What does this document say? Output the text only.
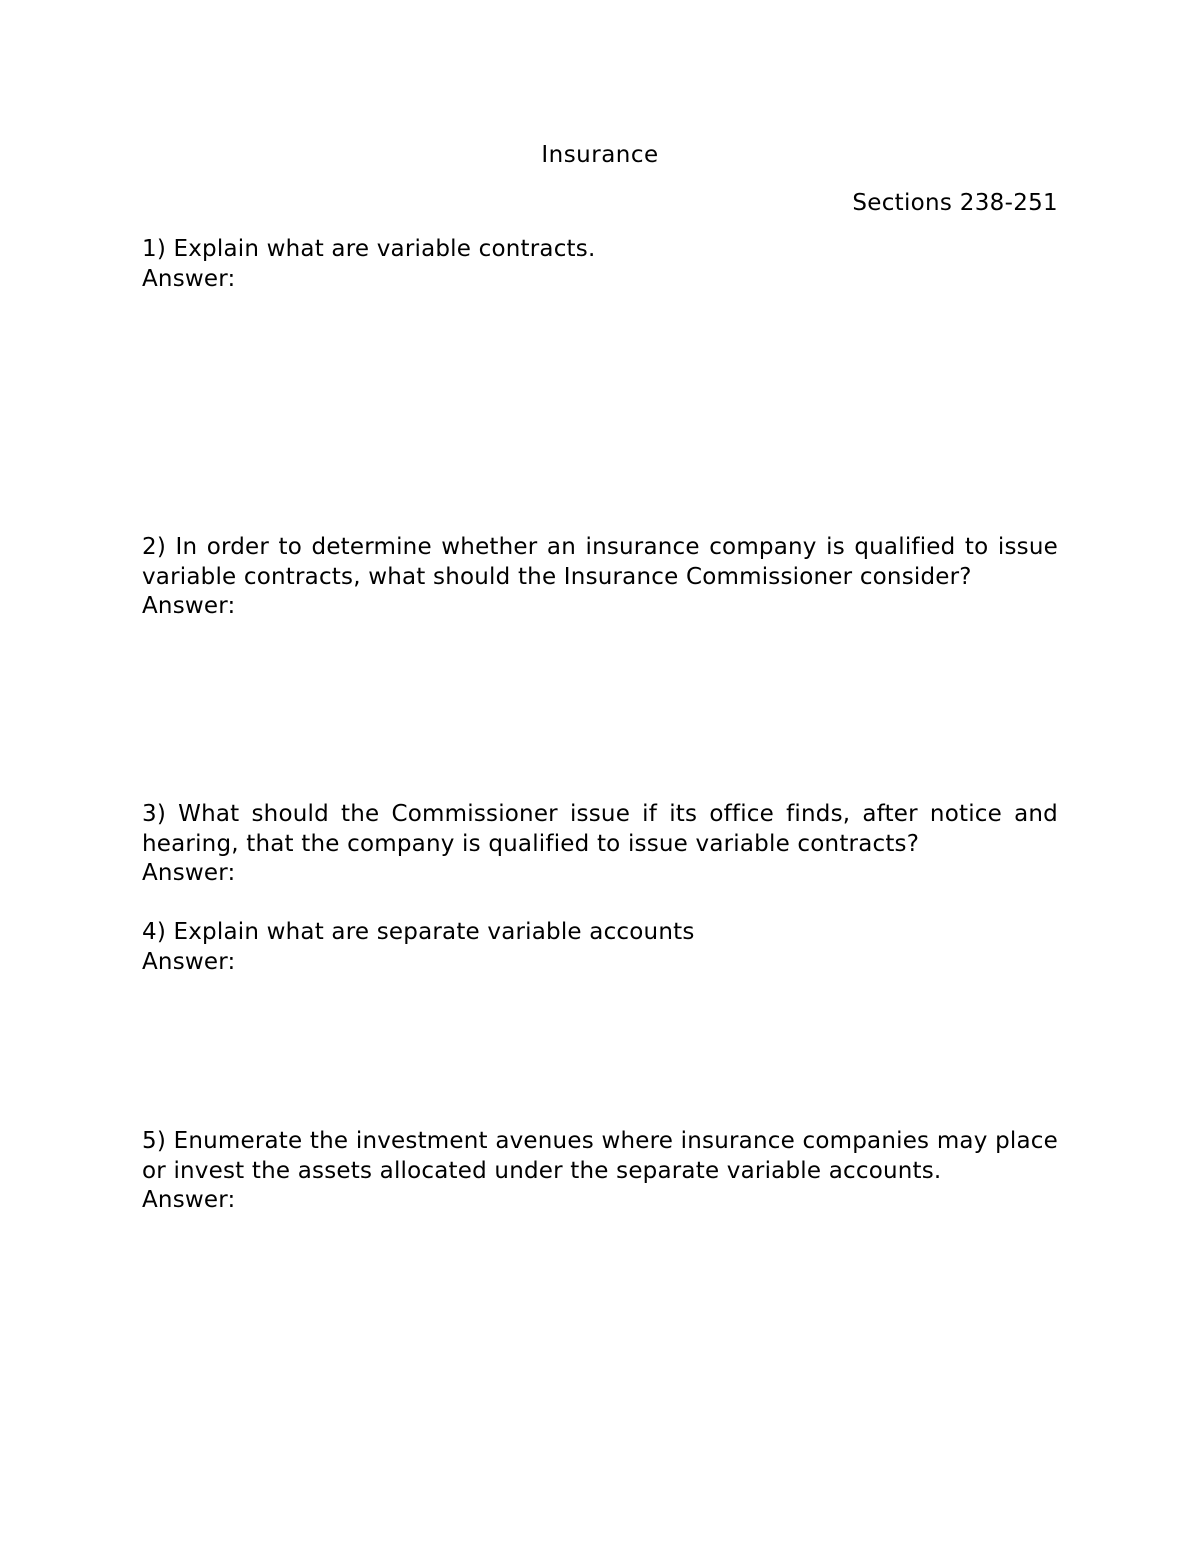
Insurance
Sections 238-251
1) Explain what are variable contracts.
Answer:
2) In order to determine whether an insurance company is qualified to issue variable contracts, what should the Insurance Commissioner consider?
Answer:
3) What should the Commissioner issue if its office finds, after notice and hearing, that the company is qualified to issue variable contracts?
Answer:
4) Explain what are separate variable accounts
Answer:
5) Enumerate the investment avenues where insurance companies may place or invest the assets allocated under the separate variable accounts.
Answer:
